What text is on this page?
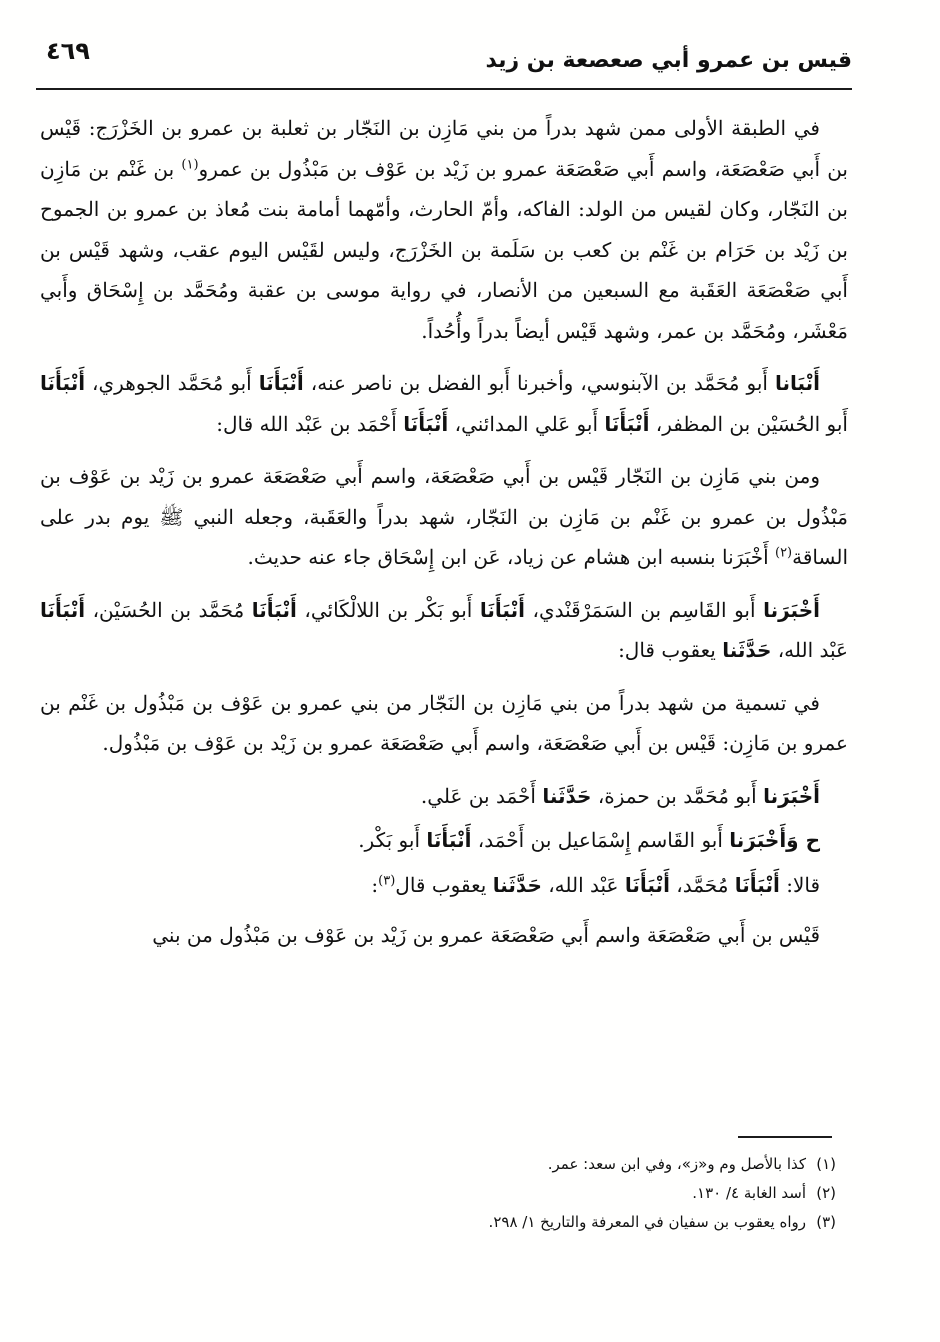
قيس بن عمرو أبي صعصعة بن زيد
٤٦٩

في الطبقة الأولى ممن شهد بدراً من بني مَازِن بن النَجّار بن ثعلبة بن عمرو بن الخَزْرَج: قَيْس بن أَبي صَعْصَعَة، واسم أَبي صَعْصَعَة عمرو بن زَيْد بن عَوْف بن مَبْذُول بن عمرو$^{(١)}$ بن غَنْم بن مَازِن بن النَجّار، وكان لقيس من الولد: الفاكه، وأمّ الحارث، وأمّهما أمامة بنت مُعاذ بن عمرو بن الجموح بن زَيْد بن حَرَام بن غَنْم بن كعب بن سَلَمة بن الخَزْرَج، وليس لقَيْس اليوم عقب، وشهد قَيْس بن أَبي صَعْصَعَة العَقَبة مع السبعين من الأنصار، في رواية موسى بن عقبة ومُحَمَّد بن إِسْحَاق وأَبي مَعْشَر، ومُحَمَّد بن عمر، وشهد قَيْس أيضاً بدراً وأُحُداً.

أَنْبَانا أَبو مُحَمَّد بن الآبنوسي، وأخبرنا أَبو الفضل بن ناصر عنه، أَنْبَأَنَا أَبو مُحَمَّد الجوهري، أَنْبَأَنَا أَبو الحُسَيْن بن المظفر، أَنْبَأَنَا أَبو عَلي المدائني، أَنْبَأَنَا أَحْمَد بن عَبْد الله قال:

ومن بني مَازِن بن النَجّار قَيْس بن أَبي صَعْصَعَة، واسم أَبي صَعْصَعَة عمرو بن زَيْد بن عَوْف بن مَبْذُول بن عمرو بن غَنْم بن مَازِن بن النَجّار، شهد بدراً والعَقَبة، وجعله النبي ﷺ يوم بدر على الساقة$^{(٢)}$ أَخْبَرَنا بنسبه ابن هشام عن زياد، عَن ابن إِسْحَاق جاء عنه حديث.

أَخْبَرَنا أَبو القَاسِم بن السَمَرْقَنْدي، أَنْبَأَنَا أَبو بَكْر بن اللالْكَائي، أَنْبَأَنَا مُحَمَّد بن الحُسَيْن، أَنْبَأَنَا عَبْد الله، حَدَّثَنا يعقوب قال:

في تسمية من شهد بدراً من بني مَازِن بن النَجّار من بني عمرو بن عَوْف بن مَبْذُول بن غَنْم بن عمرو بن مَازِن: قَيْس بن أَبي صَعْصَعَة، واسم أَبي صَعْصَعَة عمرو بن زَيْد بن عَوْف بن مَبْذُول.

أَخْبَرَنا أَبو مُحَمَّد بن حمزة، حَدَّثَنا أَحْمَد بن عَلي.

ح وَأَخْبَرَنا أَبو القَاسم إِسْمَاعيل بن أَحْمَد، أَنْبَأَنَا أَبو بَكْر.

قالا: أَنْبَأَنَا مُحَمَّد، أَنْبَأَنَا عَبْد الله، حَدَّثَنا يعقوب قال$^{(٣)}$:

قَيْس بن أَبي صَعْصَعَة واسم أَبي صَعْصَعَة عمرو بن زَيْد بن عَوْف بن مَبْذُول من بني

(١)كذا بالأصل وم و«ز»، وفي ابن سعد: عمر.
(٢)أسد الغابة ٤/ ١٣٠.
(٣)رواه يعقوب بن سفيان في المعرفة والتاريخ ١/ ٢٩٨.
